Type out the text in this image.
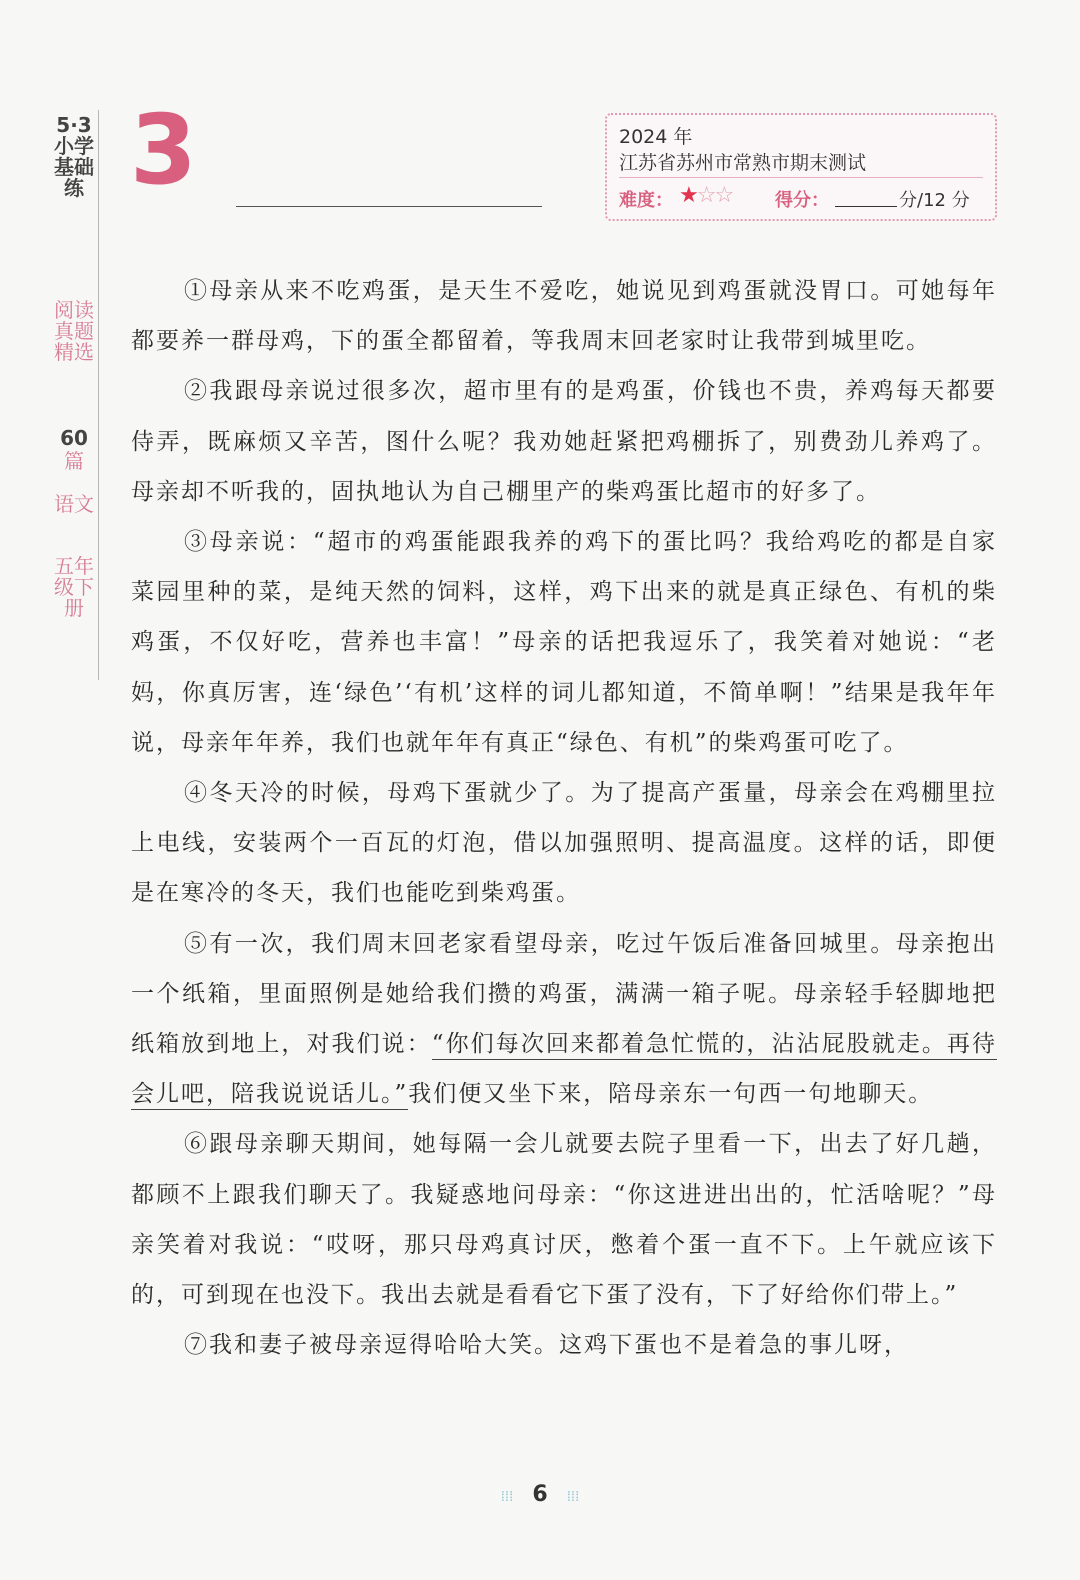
5·3小学基础练
阅读真题精选
60
篇
语文
五年级下册
3	2024 年
江苏省苏州市常熟市期末测试
难度： ★☆☆ 得分：	分/12 分

①母亲从来不吃鸡蛋，是天生不爱吃，她说见到鸡蛋就没胃口。可她每年都要养一群母鸡，下的蛋全都留着，等我周末回老家时让我带到城里吃。

②我跟母亲说过很多次，超市里有的是鸡蛋，价钱也不贵，养鸡每天都要侍弄，既麻烦又辛苦，图什么呢？我劝她赶紧把鸡棚拆了，别费劲儿养鸡了。母亲却不听我的，固执地认为自己棚里产的柴鸡蛋比超市的好多了。

③母亲说：“超市的鸡蛋能跟我养的鸡下的蛋比吗？我给鸡吃的都是自家菜园里种的菜，是纯天然的饲料，这样，鸡下出来的就是真正绿色、有机的柴鸡蛋，不仅好吃，营养也丰富！”母亲的话把我逗乐了，我笑着对她说：“老妈，你真厉害，连‘绿色’‘有机’这样的词儿都知道，不简单啊！”结果是我年年说，母亲年年养，我们也就年年有真正“绿色、有机”的柴鸡蛋可吃了。

④冬天冷的时候，母鸡下蛋就少了。为了提高产蛋量，母亲会在鸡棚里拉上电线，安装两个一百瓦的灯泡，借以加强照明、提高温度。这样的话，即便是在寒冷的冬天，我们也能吃到柴鸡蛋。

⑤有一次，我们周末回老家看望母亲，吃过午饭后准备回城里。母亲抱出一个纸箱，里面照例是她给我们攒的鸡蛋，满满一箱子呢。母亲轻手轻脚地把纸箱放到地上，对我们说：“你们每次回来都着急忙慌的，沾沾屁股就走。再待会儿吧，陪我说说话儿。”我们便又坐下来，陪母亲东一句西一句地聊天。

⑥跟母亲聊天期间，她每隔一会儿就要去院子里看一下，出去了好几趟，都顾不上跟我们聊天了。我疑惑地问母亲：“你这进进出出的，忙活啥呢？”母亲笑着对我说：“哎呀，那只母鸡真讨厌，憋着个蛋一直不下。上午就应该下的，可到现在也没下。我出去就是看看它下蛋了没有，下了好给你们带上。”

⑦我和妻子被母亲逗得哈哈大笑。这鸡下蛋也不是着急的事儿呀，

⁞⁞⁞ 6 ⁞⁞⁞
